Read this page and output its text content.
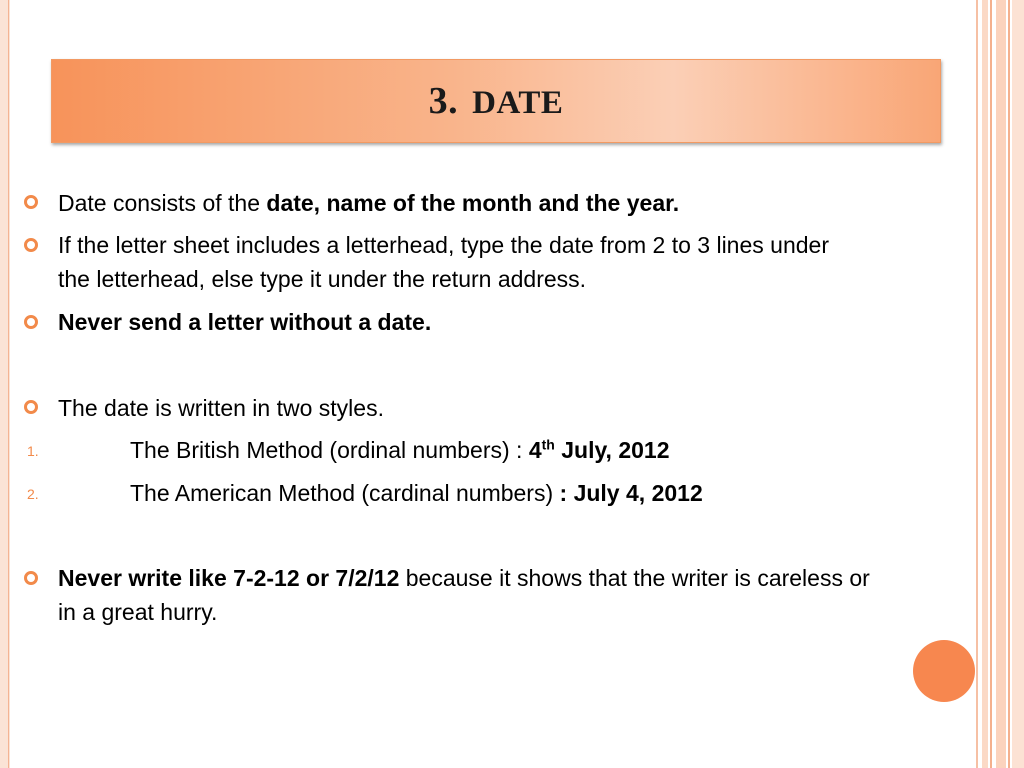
3. DATE
Date consists of the date, name of the month and the year.
If the letter sheet includes a letterhead, type the date from 2 to 3 lines under
the letterhead, else type it under the return address.
Never send a letter without a date.
The date is written in two styles.
1.	The British Method (ordinal numbers) : 4th July, 2012
2.	The American Method (cardinal numbers) : July 4, 2012
Never write like 7-2-12 or 7/2/12 because it shows that the writer is careless or
in a great hurry.
